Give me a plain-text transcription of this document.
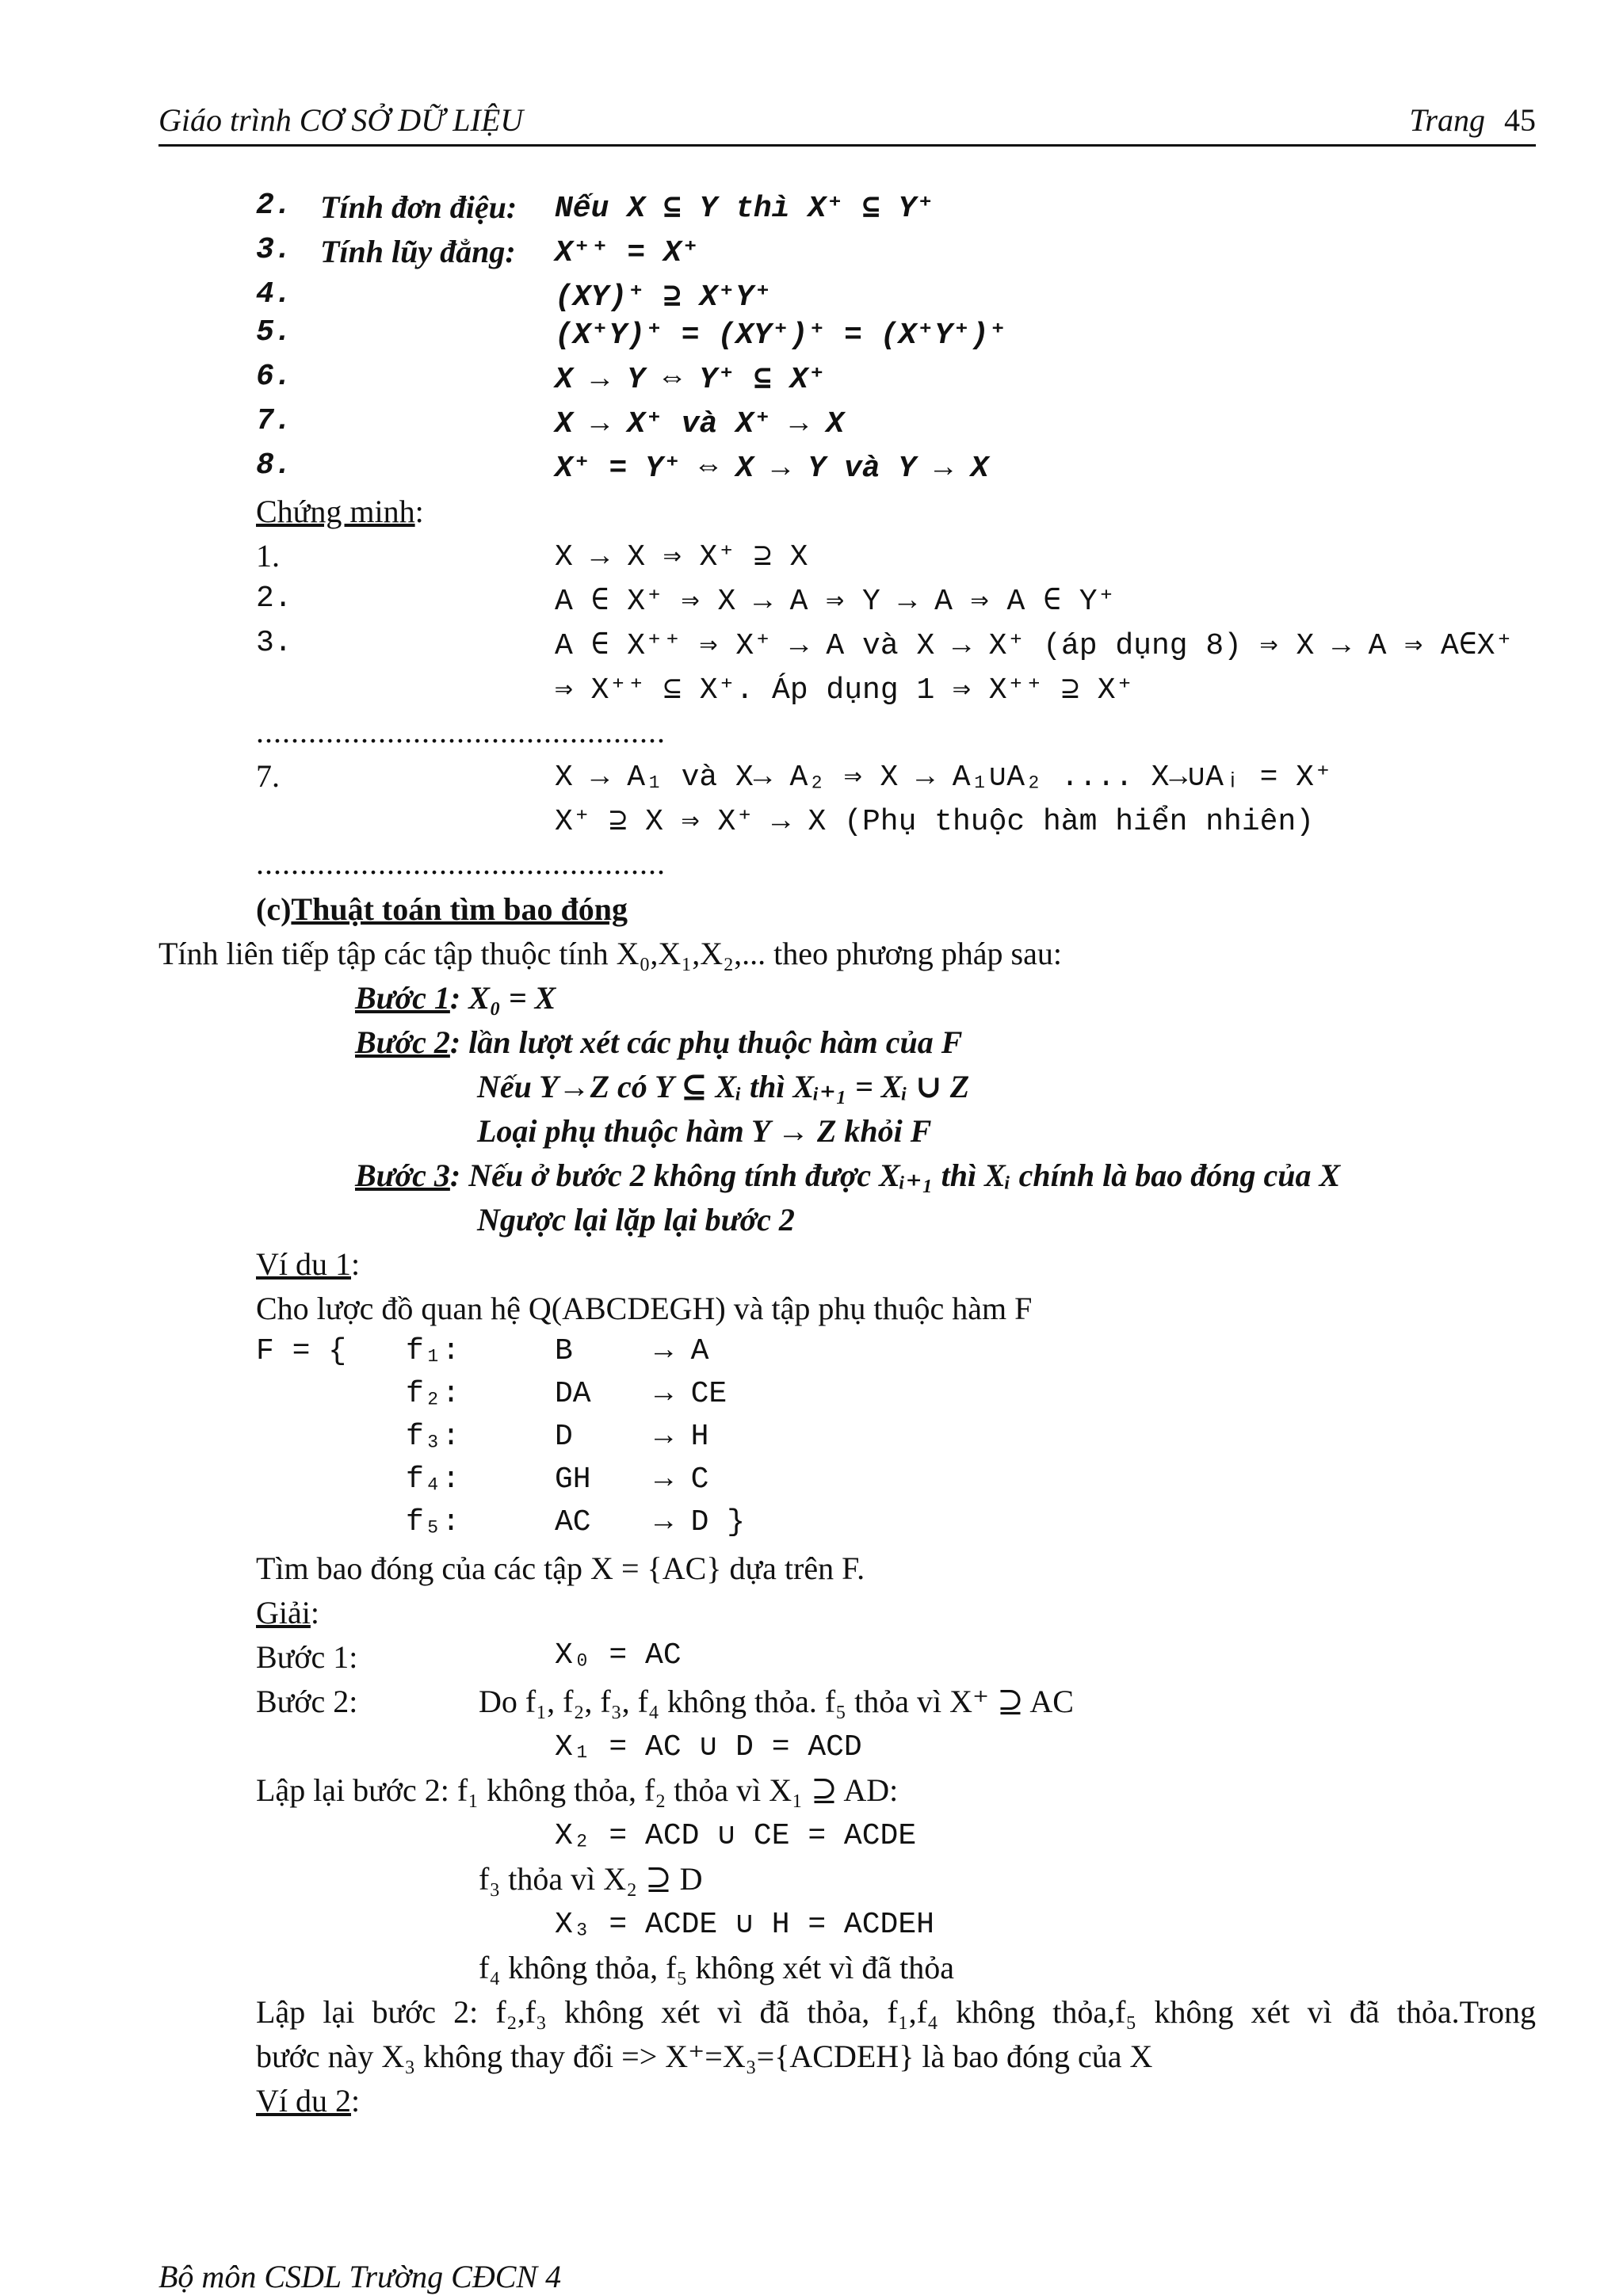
Giáo trình CƠ SỞ DỮ LIỆU	Trang 45
2. Tính đơn điệu: Nếu X ⊆ Y thì X⁺ ⊆ Y⁺
3. Tính lũy đẳng: X⁺⁺ = X⁺
4.	(XY)⁺ ⊇ X⁺Y⁺
5.	(X⁺Y)⁺ = (XY⁺)⁺ = (X⁺Y⁺)⁺
6.	X → Y ⇔ Y⁺ ⊆ X⁺
7.	X → X⁺ và X⁺ → X
8.	X⁺ = Y⁺ ⇔ X → Y và Y → X
Chứng minh:
1.	X → X ⇒ X⁺ ⊇ X
2.	A ∈ X⁺ ⇒ X → A ⇒ Y → A ⇒ A ∈ Y⁺
3.	A ∈ X⁺⁺ ⇒ X⁺ → A và X → X⁺ (áp dụng 8) ⇒ X → A ⇒ A∈X⁺
⇒ X⁺⁺ ⊆ X⁺. Áp dụng 1 ⇒ X⁺⁺ ⊇ X⁺
...............................................
7.	X → A₁ và X→ A₂ ⇒ X → A₁∪A₂ .... X→∪Aᵢ = X⁺
X⁺ ⊇ X ⇒ X⁺ → X (Phụ thuộc hàm hiển nhiên)
...............................................
(c)Thuật toán tìm bao đóng
Tính liên tiếp tập các tập thuộc tính X₀,X₁,X₂,... theo phương pháp sau:
Bước 1: X₀ = X
Bước 2: lần lượt xét các phụ thuộc hàm của F
Nếu Y→Z có Y ⊆ Xᵢ thì Xᵢ₊₁ = Xᵢ ∪ Z
Loại phụ thuộc hàm Y → Z khỏi F
Bước 3: Nếu ở bước 2 không tính được Xᵢ₊₁ thì Xᵢ chính là bao đóng của X
Ngược lại lặp lại bước 2
Ví du 1:
Cho lược đồ quan hệ Q(ABCDEGH) và tập phụ thuộc hàm F
F = { f₁:	B	→ A
f₂:	DA → CE
f₃:	D	→ H
f₄:	GH → C
f₅:	AC → D }
Tìm bao đóng của các tập X = {AC} dựa trên F.
Giải:
Bước 1:	X₀ = AC
Bước 2:	Do f₁, f₂, f₃, f₄ không thỏa. f₅ thỏa vì X⁺ ⊇ AC
X₁ = AC ∪ D = ACD
Lập lại bước 2: f₁ không thỏa, f₂ thỏa vì X₁ ⊇ AD:
X₂ = ACD ∪ CE = ACDE
f₃ thỏa vì X₂ ⊇ D
X₃ = ACDE ∪ H = ACDEH
f₄ không thỏa, f₅ không xét vì đã thỏa
Lập lại bước 2: f₂,f₃ không xét vì đã thỏa, f₁,f₄ không thỏa,f₅ không xét vì đã thỏa.Trong
bước này X₃ không thay đổi => X⁺=X₃={ACDEH} là bao đóng của X
Ví du 2:
Bộ môn CSDL Trường CĐCN 4
